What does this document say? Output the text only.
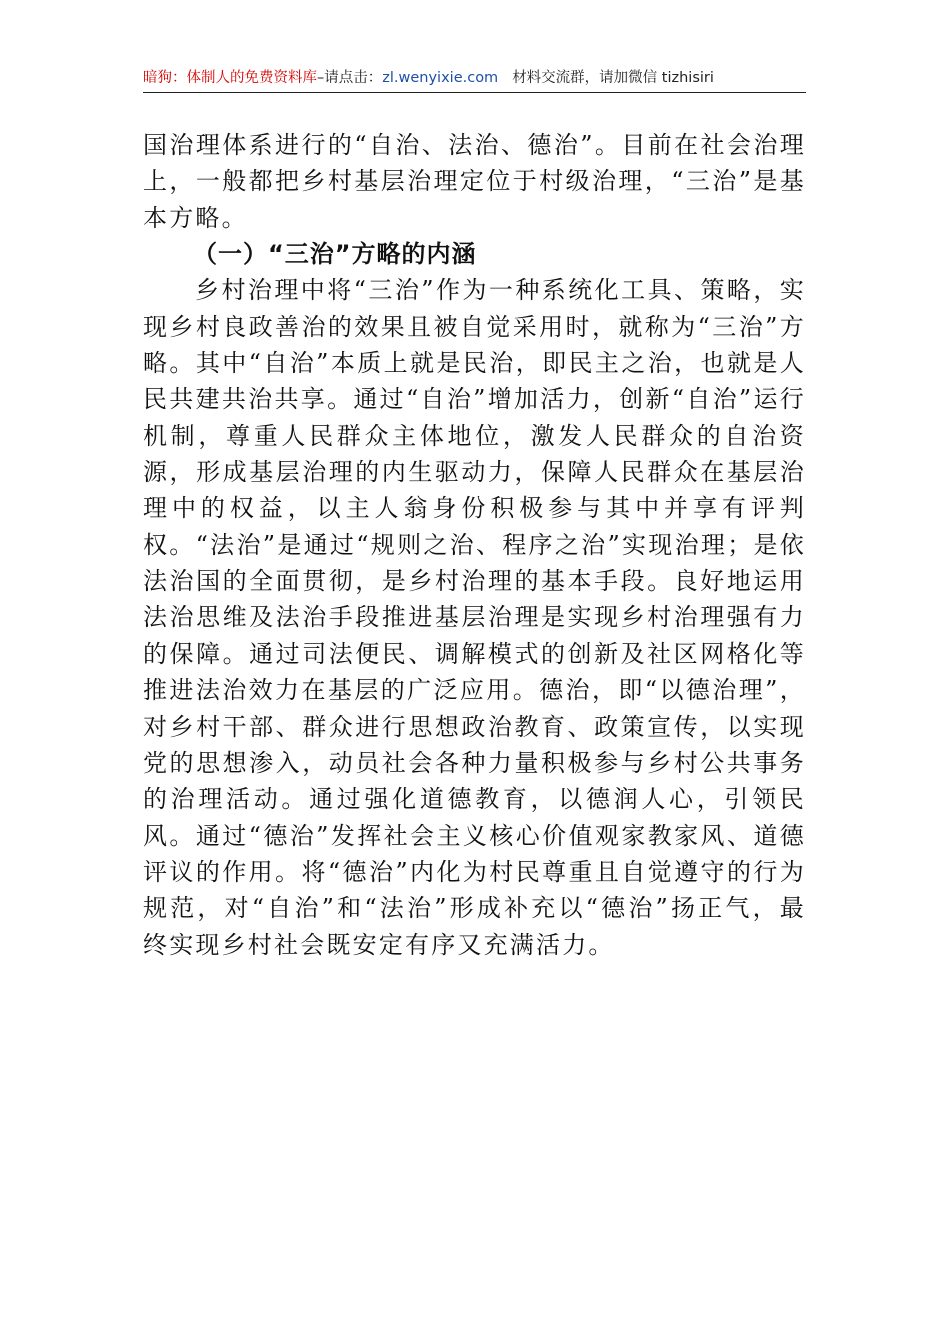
暗狗：体制人的免费资料库–请点击：zl.wenyixie.com 材料交流群，请加微信 tizhisiri

国治理体系进行的“自治、法治、德治”。目前在社会治理上，一般都把乡村基层治理定位于村级治理，“三治”是基本方略。

（一）“三治”方略的内涵

乡村治理中将“三治”作为一种系统化工具、策略，实现乡村良政善治的效果且被自觉采用时，就称为“三治”方略。其中“自治”本质上就是民治，即民主之治，也就是人民共建共治共享。通过“自治”增加活力，创新“自治”运行机制，尊重人民群众主体地位，激发人民群众的自治资源，形成基层治理的内生驱动力，保障人民群众在基层治理中的权益，以主人翁身份积极参与其中并享有评判权。“法治”是通过“规则之治、程序之治”实现治理；是依法治国的全面贯彻，是乡村治理的基本手段。良好地运用法治思维及法治手段推进基层治理是实现乡村治理强有力的保障。通过司法便民、调解模式的创新及社区网格化等推进法治效力在基层的广泛应用。德治，即“以德治理”，对乡村干部、群众进行思想政治教育、政策宣传，以实现党的思想渗入，动员社会各种力量积极参与乡村公共事务的治理活动。通过强化道德教育，以德润人心，引领民风。通过“德治”发挥社会主义核心价值观家教家风、道德评议的作用。将“德治”内化为村民尊重且自觉遵守的行为规范，对“自治”和“法治”形成补充以“德治”扬正气，最终实现乡村社会既安定有序又充满活力。
